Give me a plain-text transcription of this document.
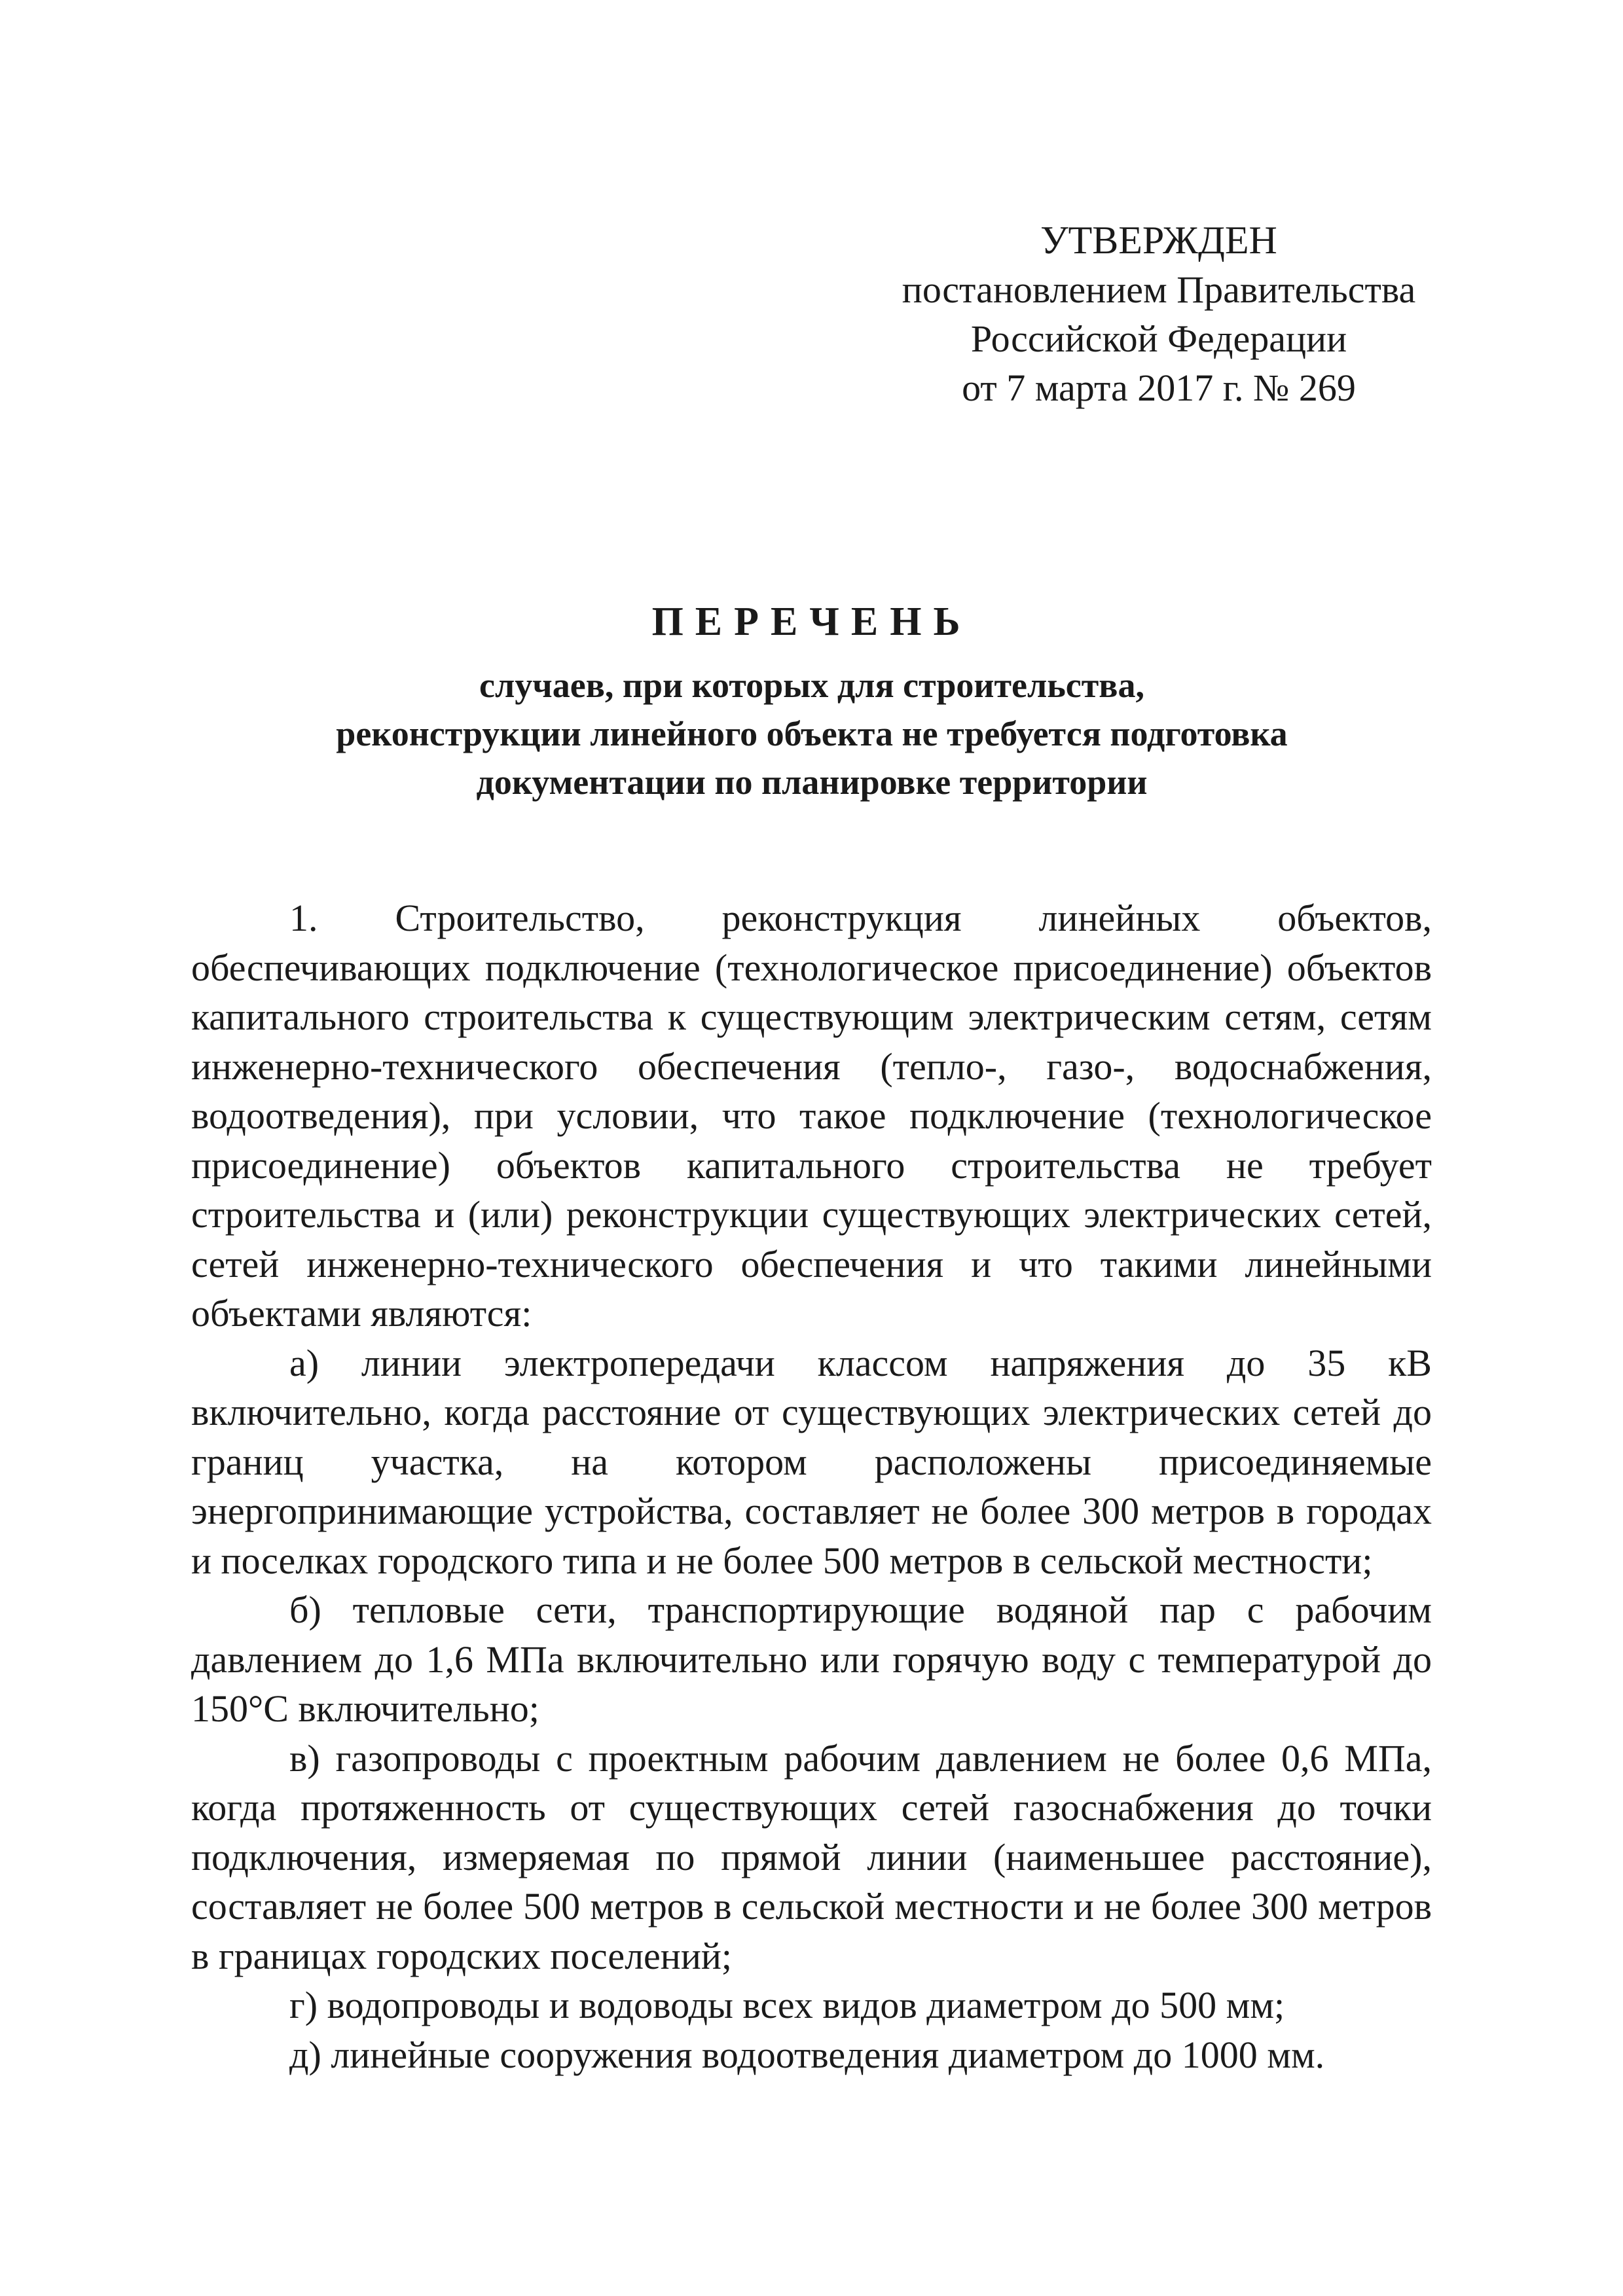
УТВЕРЖДЕН
постановлением Правительства
Российской Федерации
от 7 марта 2017 г. № 269
ПЕРЕЧЕНЬ
случаев, при которых для строительства,
реконструкции линейного объекта не требуется подготовка
документации по планировке территории

1. Строительство, реконструкция линейных объектов, обеспечивающих подключение (технологическое присоединение) объектов капитального строительства к существующим электрическим сетям, сетям инженерно-технического обеспечения (тепло-, газо-, водоснабжения, водоотведения), при условии, что такое подключение (технологическое присоединение) объектов капитального строительства не требует строительства и (или) реконструкции существующих электрических сетей, сетей инженерно-технического обеспечения и что такими линейными объектами являются:

а) линии электропередачи классом напряжения до 35 кВ включительно, когда расстояние от существующих электрических сетей до границ участка, на котором расположены присоединяемые энергопринимающие устройства, составляет не более 300 метров в городах и поселках городского типа и не более 500 метров в сельской местности;

б) тепловые сети, транспортирующие водяной пар с рабочим давлением до 1,6 МПа включительно или горячую воду с температурой до 150°С включительно;

в) газопроводы с проектным рабочим давлением не более 0,6 МПа, когда протяженность от существующих сетей газоснабжения до точки подключения, измеряемая по прямой линии (наименьшее расстояние), составляет не более 500 метров в сельской местности и не более 300 метров в границах городских поселений;

г) водопроводы и водоводы всех видов диаметром до 500 мм;

д) линейные сооружения водоотведения диаметром до 1000 мм.
